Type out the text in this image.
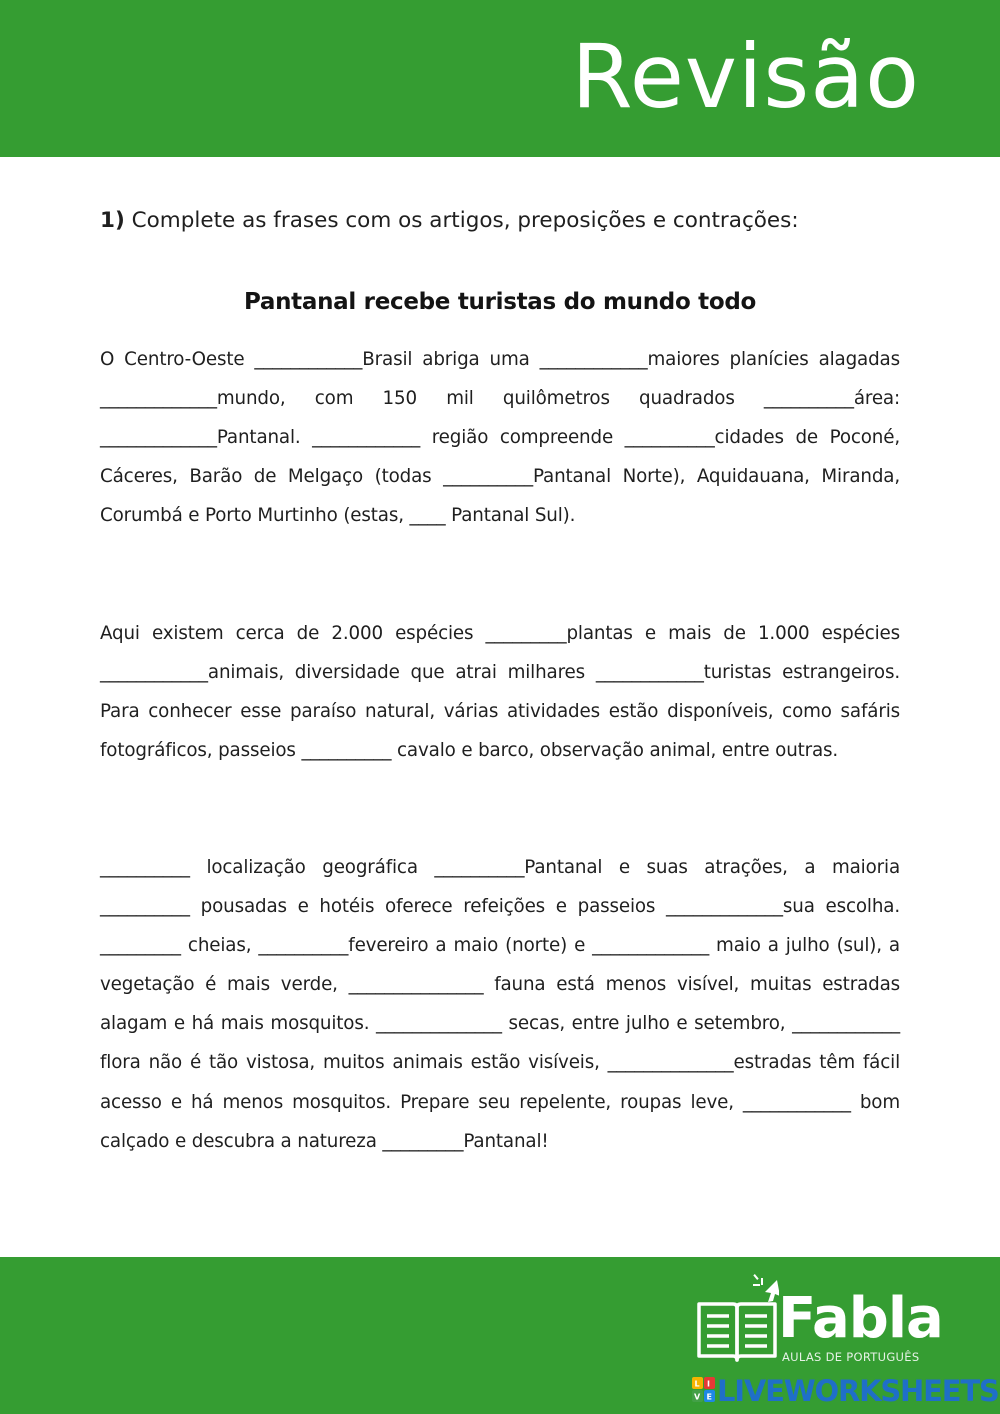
Revisão
1) Complete as frases com os artigos, preposições e contrações:
Pantanal recebe turistas do mundo todo
O Centro-Oeste ____________Brasil abriga uma ____________maiores planícies alagadas _____________mundo, com 150 mil quilômetros quadrados __________área: _____________Pantanal. ____________ região compreende __________cidades de Poconé, Cáceres, Barão de Melgaço (todas __________Pantanal Norte), Aquidauana, Miranda, Corumbá e Porto Murtinho (estas, ____ Pantanal Sul).
Aqui existem cerca de 2.000 espécies _________plantas e mais de 1.000 espécies ____________animais, diversidade que atrai milhares ____________turistas estrangeiros. Para conhecer esse paraíso natural, várias atividades estão disponíveis, como safáris fotográficos, passeios __________ cavalo e barco, observação animal, entre outras.
__________ localização geográfica __________Pantanal e suas atrações, a maioria __________ pousadas e hotéis oferece refeições e passeios _____________sua escolha. _________ cheias, __________fevereiro a maio (norte) e _____________ maio a julho (sul), a vegetação é mais verde, _______________ fauna está menos visível, muitas estradas alagam e há mais mosquitos. ______________ secas, entre julho e setembro, ____________ flora não é tão vistosa, muitos animais estão visíveis, ______________estradas têm fácil acesso e há menos mosquitos. Prepare seu repelente, roupas leve, ____________ bom calçado e descubra a natureza _________Pantanal!
Fabla
AULAS DE PORTUGUÊS
L I
V E LIVEWORKSHEETS
